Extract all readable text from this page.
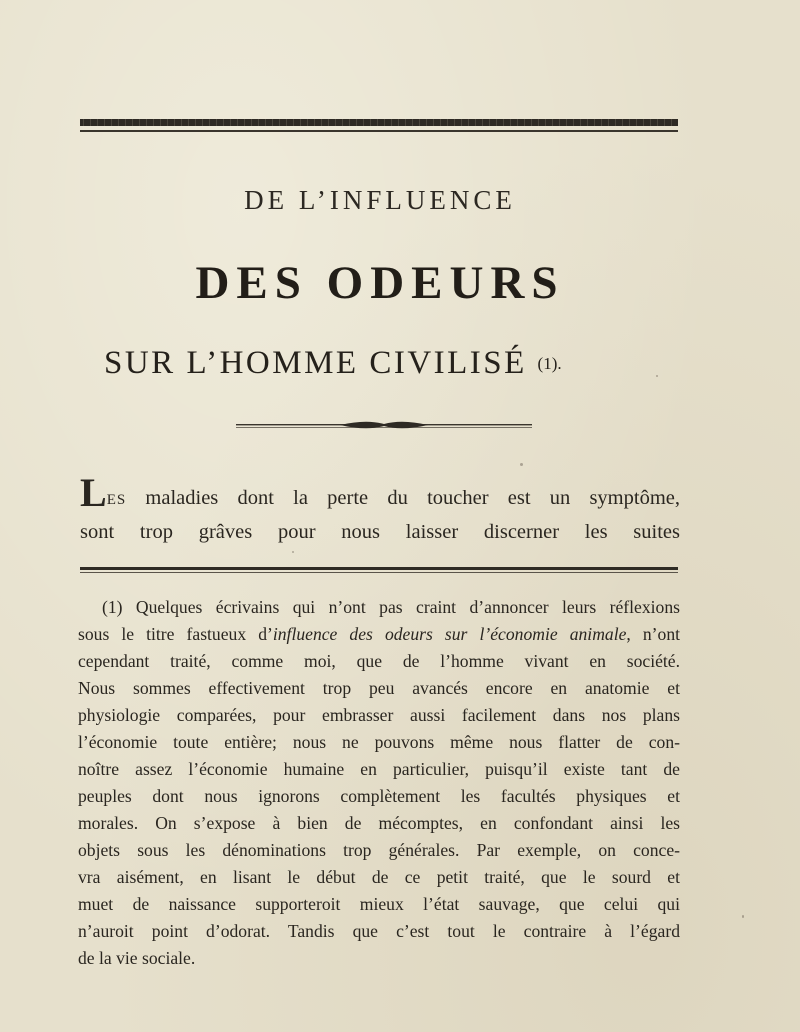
DE L’INFLUENCE
DES ODEURS
SUR L’HOMME CIVILISÉ (1).
LES maladies dont la perte du toucher est un symptôme,
sont trop grâves pour nous laisser discerner les suites
(1) Quelques écrivains qui n’ont pas craint d’annoncer leurs réflexions
sous le titre fastueux d’influence des odeurs sur l’économie animale, n’ont
cependant traité, comme moi, que de l’homme vivant en société.
Nous sommes effectivement trop peu avancés encore en anatomie et
physiologie comparées, pour embrasser aussi facilement dans nos plans
l’économie toute entière; nous ne pouvons même nous flatter de con-
noître assez l’économie humaine en particulier, puisqu’il existe tant de
peuples dont nous ignorons complètement les facultés physiques et
morales. On s’expose à bien de mécomptes, en confondant ainsi les
objets sous les dénominations trop générales. Par exemple, on conce-
vra aisément, en lisant le début de ce petit traité, que le sourd et
muet de naissance supporteroit mieux l’état sauvage, que celui qui
n’auroit point d’odorat. Tandis que c’est tout le contraire à l’égard
de la vie sociale.
